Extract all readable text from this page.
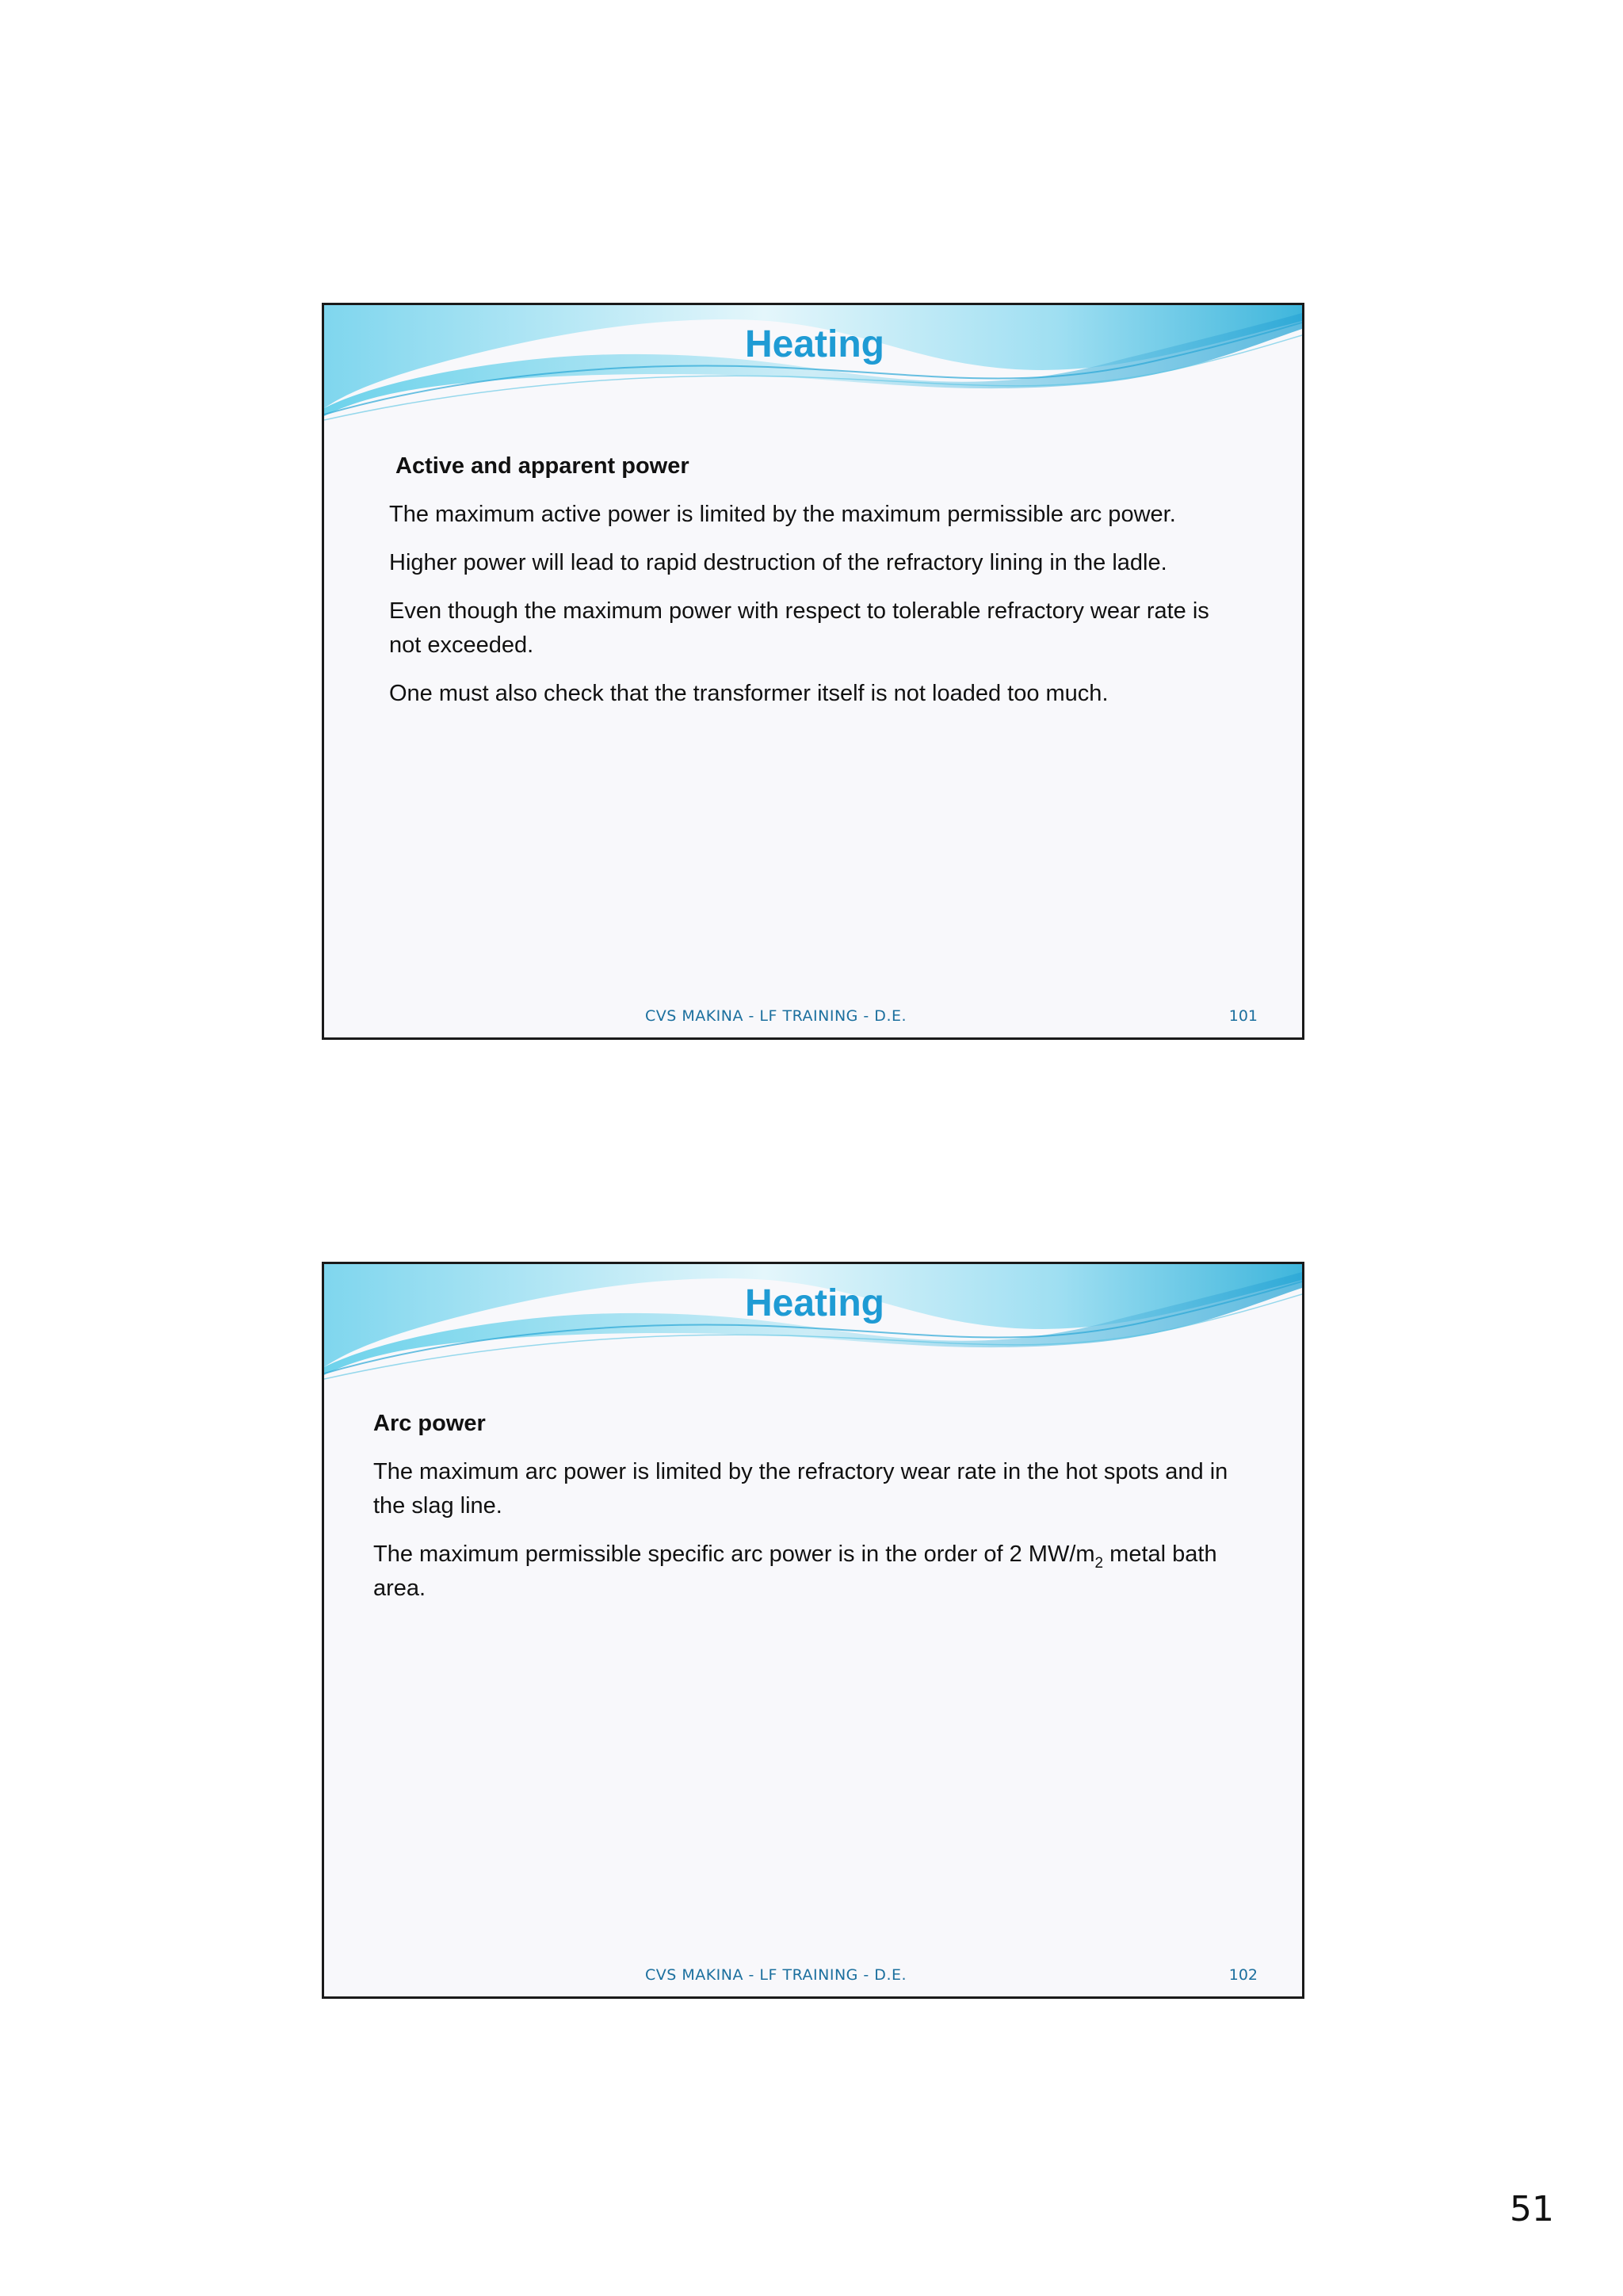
Heating

Active and apparent power

The maximum active power is limited by the maximum permissible arc power.

Higher power will lead to rapid destruction of the refractory lining in the ladle.

Even though the maximum power with respect to tolerable refractory wear rate is not exceeded.

One must also check that the transformer itself is not loaded too much.

CVS MAKINA - LF TRAINING - D.E.	101
Heating

Arc power

The maximum arc power is limited by the refractory wear rate in the hot spots and in the slag line.

The maximum permissible specific arc power is in the order of 2 $MW/m_2$ metal bath area.

CVS MAKINA - LF TRAINING - D.E.	102
51
